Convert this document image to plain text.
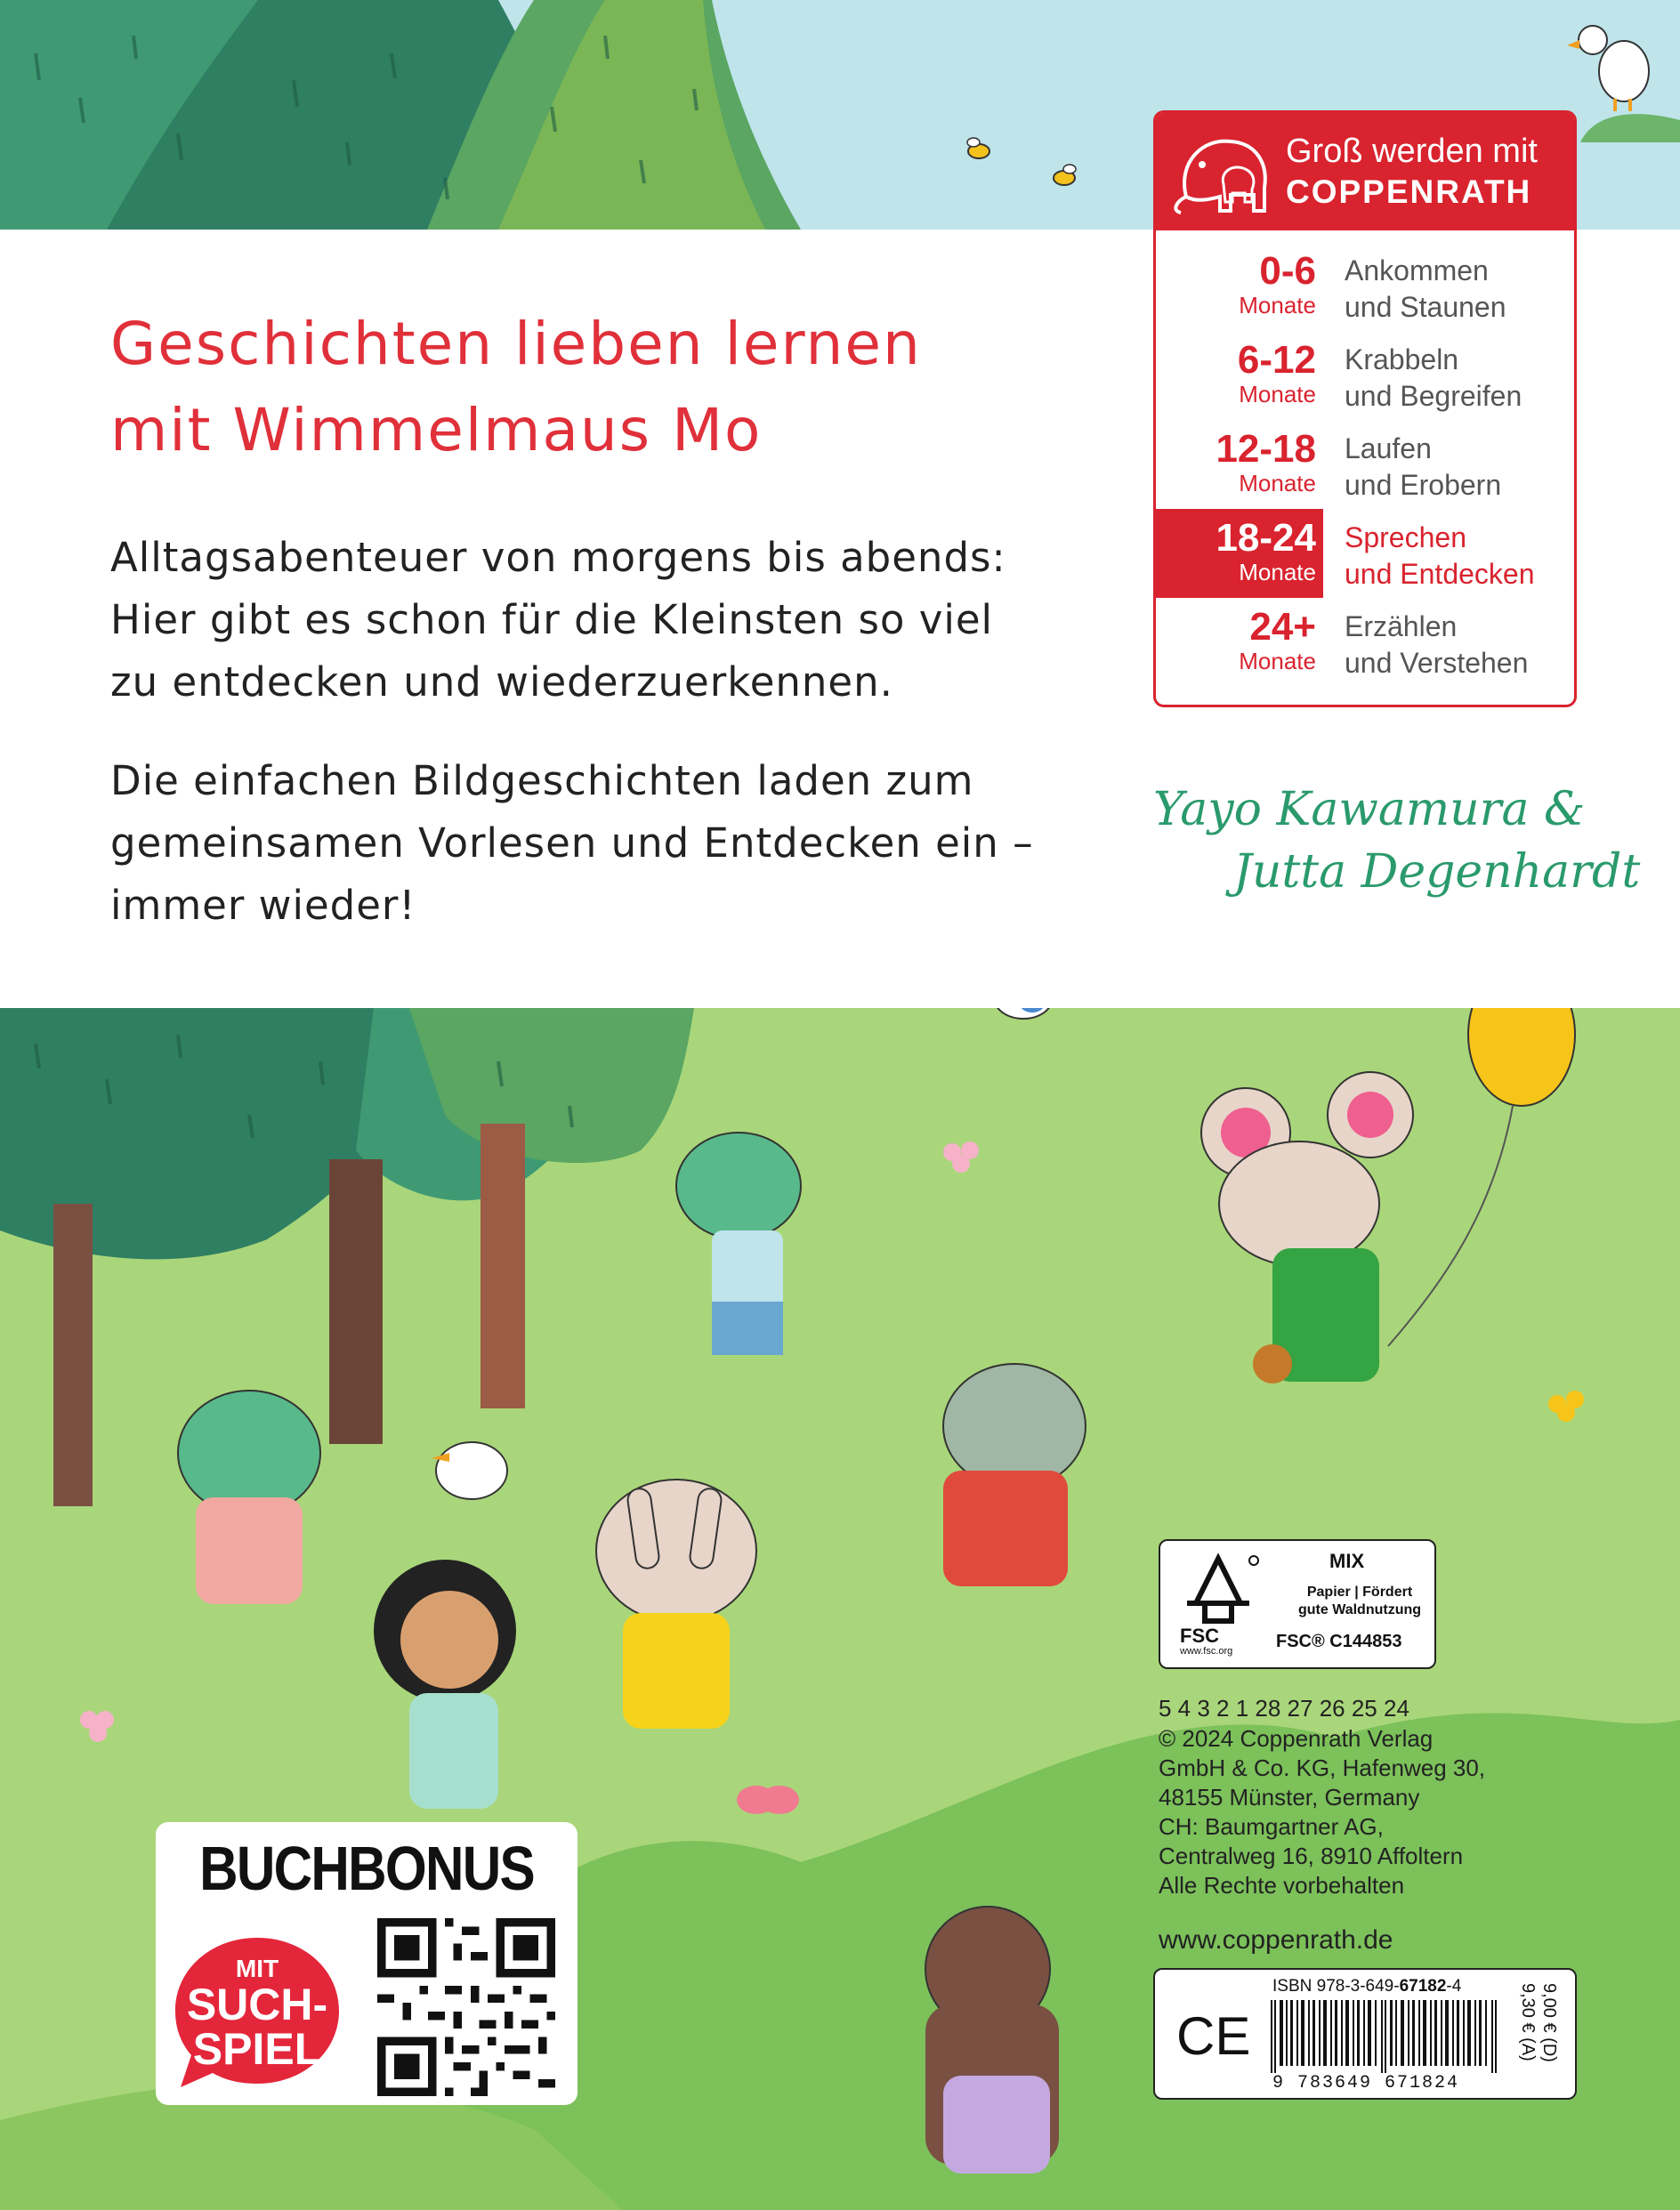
Geschichten lieben lernen
mit Wimmelmaus Mo
Alltagsabenteuer von morgens bis abends:
Hier gibt es schon für die Kleinsten so viel
zu entdecken und wiederzuerkennen.
Die einfachen Bildgeschichten laden zum
gemeinsamen Vorlesen und Entdecken ein –
immer wieder!
Groß werden mit
COPPENRATH
0-6
Monate
Ankommen
und Staunen
6-12
Monate
Krabbeln
und Begreifen
12-18
Monate
Laufen
und Erobern
18-24
Monate
Sprechen
und Entdecken
24+
Monate
Erzählen
und Verstehen
Yayo Kawamura &
Jutta Degenhardt
FSC
www.fsc.org
MIX
Papier | Fördert
gute Waldnutzung
FSC® C144853
5 4 3 2 1 28 27 26 25 24
© 2024 Coppenrath Verlag
GmbH & Co. KG, Hafenweg 30,
48155 Münster, Germany
CH: Baumgartner AG,
Centralweg 16, 8910 Affoltern
Alle Rechte vorbehalten
www.coppenrath.de
CE
ISBN 978-3-649-67182-4
9 783649 671824
9,00 € (D)
9,30 € (A)
BUCHBONUS
MIT
SUCH-
SPIEL
